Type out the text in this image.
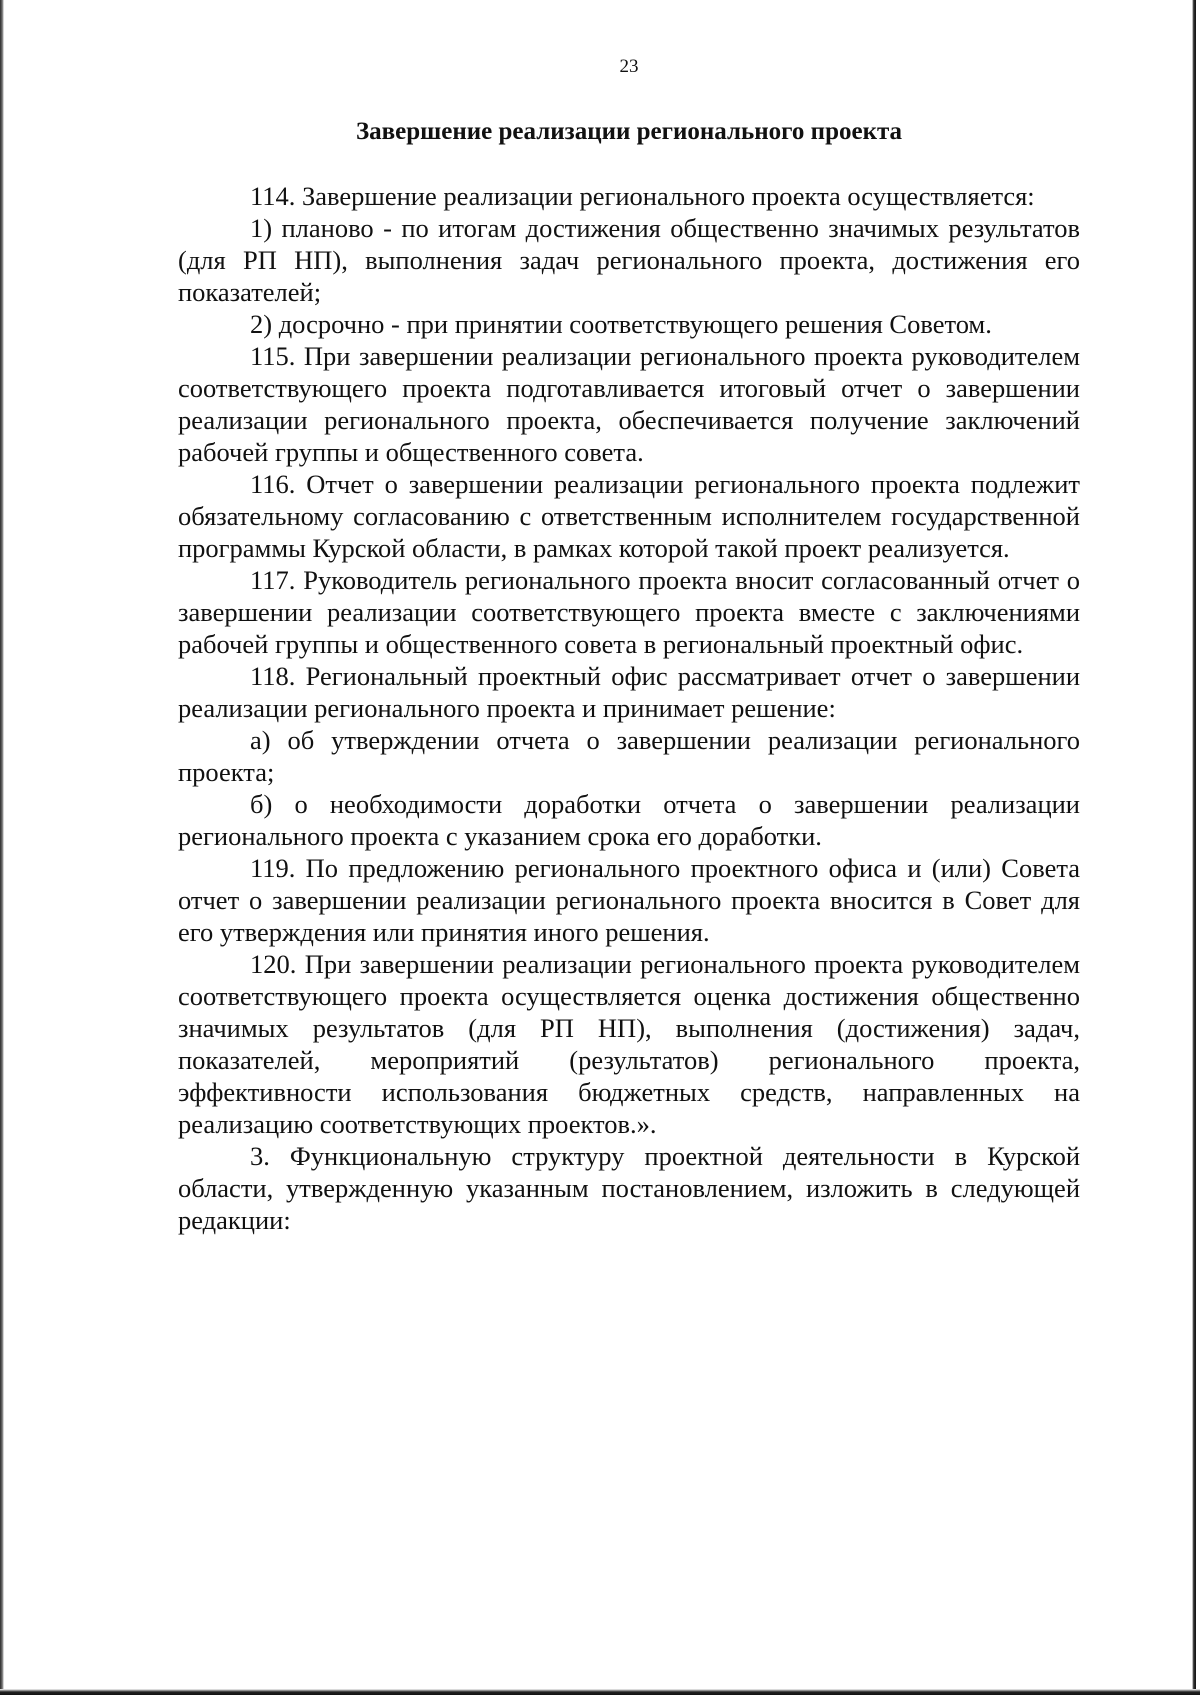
23
Завершение реализации регионального проекта

114. Завершение реализации регионального проекта осуществляется:

1) планово - по итогам достижения общественно значимых результатов (для РП НП), выполнения задач регионального проекта, достижения его показателей;

2) досрочно - при принятии соответствующего решения Советом.

115. При завершении реализации регионального проекта руководителем соответствующего проекта подготавливается итоговый отчет о завершении реализации регионального проекта, обеспечивается получение заключений рабочей группы и общественного совета.

116. Отчет о завершении реализации регионального проекта подлежит обязательному согласованию с ответственным исполнителем государственной программы Курской области, в рамках которой такой проект реализуется.

117. Руководитель регионального проекта вносит согласованный отчет о завершении реализации соответствующего проекта вместе с заключениями рабочей группы и общественного совета в региональный проектный офис.

118. Региональный проектный офис рассматривает отчет о завершении реализации регионального проекта и принимает решение:

а) об утверждении отчета о завершении реализации регионального проекта;

б) о необходимости доработки отчета о завершении реализации регионального проекта с указанием срока его доработки.

119. По предложению регионального проектного офиса и (или) Совета отчет о завершении реализации регионального проекта вносится в Совет для его утверждения или принятия иного решения.

120. При завершении реализации регионального проекта руководителем соответствующего проекта осуществляется оценка достижения общественно значимых результатов (для РП НП), выполнения (достижения) задач, показателей, мероприятий (результатов) регионального проекта, эффективности использования бюджетных средств, направленных на реализацию соответствующих проектов.».

3. Функциональную структуру проектной деятельности в Курской области, утвержденную указанным постановлением, изложить в следующей редакции:
